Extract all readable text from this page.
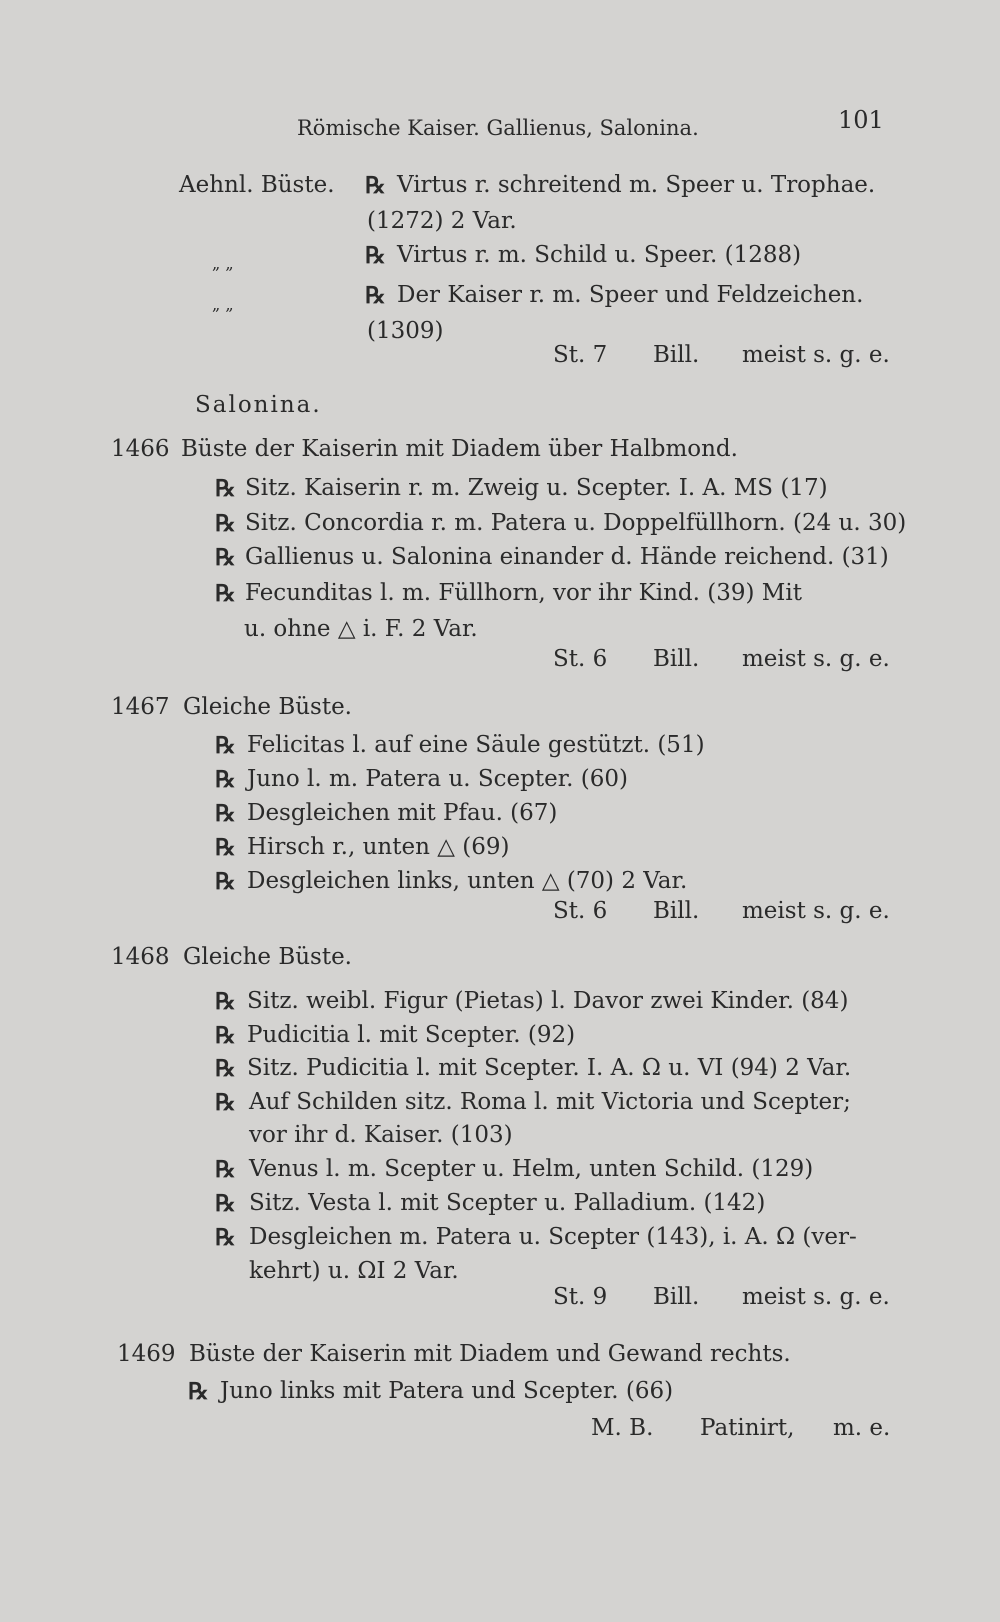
Römische Kaiser. Gallienus, Salonina.	101
Aehnl. Büste. ℞ Virtus r. schreitend m. Speer u. Trophae.
(1272) 2 Var.
„ „	℞ Virtus r. m. Schild u. Speer. (1288)
„ „	℞ Der Kaiser r. m. Speer und Feldzeichen.
(1309)
St. 7 Bill. meist s. g. e.
Salonina.
1466 Büste der Kaiserin mit Diadem über Halbmond.
℞ Sitz. Kaiserin r. m. Zweig u. Scepter. I. A. MS (17)
℞ Sitz. Concordia r. m. Patera u. Doppelfüllhorn. (24 u. 30)
℞ Gallienus u. Salonina einander d. Hände reichend. (31)
℞ Fecunditas l. m. Füllhorn, vor ihr Kind. (39) Mit
u. ohne △ i. F. 2 Var.
St. 6 Bill. meist s. g. e.
1467 Gleiche Büste.
℞ Felicitas l. auf eine Säule gestützt. (51)
℞ Juno l. m. Patera u. Scepter. (60)
℞ Desgleichen mit Pfau. (67)
℞ Hirsch r., unten △ (69)
℞ Desgleichen links, unten △ (70) 2 Var.
St. 6 Bill. meist s. g. e.
1468 Gleiche Büste.
℞ Sitz. weibl. Figur (Pietas) l. Davor zwei Kinder. (84)
℞ Pudicitia l. mit Scepter. (92)
℞ Sitz. Pudicitia l. mit Scepter. I. A. Ω u. VI (94) 2 Var.
℞ Auf Schilden sitz. Roma l. mit Victoria und Scepter;
vor ihr d. Kaiser. (103)
℞ Venus l. m. Scepter u. Helm, unten Schild. (129)
℞ Sitz. Vesta l. mit Scepter u. Palladium. (142)
℞ Desgleichen m. Patera u. Scepter (143), i. A. Ω (ver-
kehrt) u. ΩI 2 Var.
St. 9 Bill. meist s. g. e.
1469 Büste der Kaiserin mit Diadem und Gewand rechts.
℞ Juno links mit Patera und Scepter. (66)
M. B. Patinirt, m. e.
